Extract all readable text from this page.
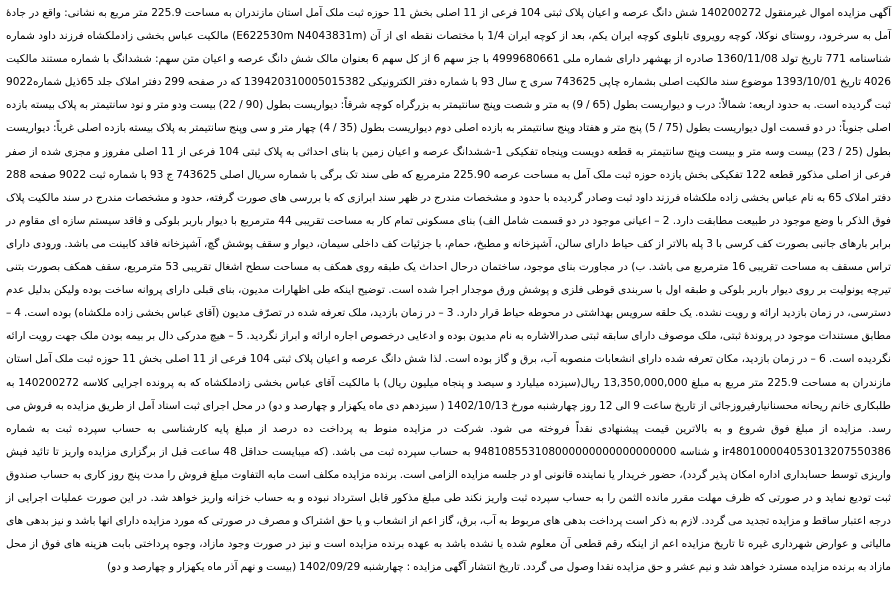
آگهی مزایده اموال غیرمنقول 140200272 شش دانگ عرصه و اعیان پلاک ثبتی 104 فرعی از 11 اصلی بخش 11 حوزه ثبت ملک آمل استان مازندران به مساحت 225.9 متر مربع به نشانی: واقع در جادهٔ آمل به سرخرود، روستای نوکلا، کوچه رویروی تابلوی کوچه ایران یکم، بعد از کوچه ایران 1/4 با مختصات نقطه ای از آن (E622530m N4043831m) مالکیت عباس بخشی زادملکشاه فرزند داود شماره شناسنامه 771 تاریخ تولد 1360/11/08 صادره از بهشهر دارای شماره ملی 4999680661 با جز سهم 6 از کل سهم 6 بعنوان مالک شش دانگ عرصه و اعیان متن سهم: ششدانگ با شماره مستند مالکیت 4026 تاریخ 1393/10/01 موضوع سند مالکیت اصلی بشماره چاپی 743625 سری ج سال 93 با شماره دفتر الکترونیکی 139420310005015382 که در صفحه 299 دفتر املاک جلد 65ذیل شماره9022 ثبت گردیده است. به حدود اربعه: شمالاً: درب و دیواریست بطول (65 / 9) به متر و شصت وپنج سانتیمتر به بزرگراه کوچه شرقاً: دیواریست بطول (90 / 22) بیست ودو متر و نود سانتیمتر به پلاک بیسته بازده اصلی جنوباً: در دو قسمت اول دیواریست بطول (75 / 5) پنج متر و هفتاد وپنج سانتیمتر به بازده اصلی دوم دیواریست بطول (35 / 4) چهار متر و سی وپنج سانتیمتر به پلاک بیسته بازده اصلی غرباً: دیواریست بطول (25 / 23) بیست وسه متر و بیست وپنج سانتیمتر به قطعه دویست وپنجاه تفکیکی 1-ششدانگ عرصه و اعیان زمین با بنای احداثی به پلاک ثبتی 104 فرعی از 11 اصلی مفروز و مجزی شده از صفر فرعی از اصلی مذکور قطعه 122 تفکیکی بخش یازده حوزه ثبت ملک آمل به مساحت عرصه 225.90 مترمربع که طی سند تک برگی با شماره سریال اصلی 743625 ج 93 با شماره ثبت 9022 صفحه 288 دفتر املاک 65 به نام عباس بخشی زاده ملکشاه فرزند داود ثبت وصادر گردیده با حدود و مشخصات مندرج در ظهر سند ابرازی که با بررسی های صورت گرفته، حدود و مشخصات مندرج در سند مالکیت پلاک فوق الذکر با وضع موجود در طبیعت مطابقت دارد. 2 – اعیانی موجود در دو قسمت شامل الف) بنای مسکونی تمام کار به مساحت تقریبی 44 مترمربع با دیوار باربر بلوکی و فاقد سیستم سازه ای مقاوم در برابر بارهای جانبی بصورت کف کرسی با 3 پله بالاتر از کف حیاط دارای سالن، آشپزخانه و مطبخ، حمام، با جزئیات کف داخلی سیمان، دیوار و سقف پوشش گچ، آشپزخانه فاقد کابینت می باشد. ورودی دارای تراس مسقف به مساحت تقریبی 16 مترمربع می باشد. ب) در مجاورت بنای موجود، ساختمان درحال احداث یک طبقه روی همکف به مساحت سطح اشغال تقریبی 53 مترمربع، سقف همکف بصورت بتنی تیرچه یونولیت بر روی دیوار باربر بلوکی و طبقه اول با سربندی قوطی فلزی و پوشش ورق موجدار اجرا شده است. توضیح اینکه طی اظهارات مدیون، بنای قبلی دارای پروانه ساخت بوده ولیکن بدلیل عدم دسترسی، در زمان بازدید ارائه و رویت نشده. یک حلقه سرویس بهداشتی در محوطه حیاط قرار دارد. 3 – در زمان بازدید، ملک تعرفه شده در تصرّف مدیون (آقای عباس بخشی زاده ملکشاه) بوده است. 4 – مطابق مستندات موجود در پروندهٔ ثبتی، ملک موصوف دارای سابقه ثبتی صدرالاشاره به نام مدیون بوده و ادعایی درخصوص اجاره ارائه و ابراز نگردید. 5 – هیچ مدرکی دال بر بیمه بودن ملک جهت رویت ارائه نگردیده است. 6 – در زمان بازدید، مکان تعرفه شده دارای انشعابات منصوبه آب، برق و گاز بوده است. لذا شش دانگ عرصه و اعیان پلاک ثبتی 104 فرعی از 11 اصلی بخش 11 حوزه ثبت ملک آمل استان مازندران به مساحت 225.9 متر مربع به مبلغ 13,350,000,000 ریال(سیزده میلیارد و سیصد و پنجاه میلیون ریال) با مالکیت آقای عباس بخشی زادملکشاه که به پرونده اجرایی کلاسه 140200272 به طلبکاری خانم ریحانه محسنانیارفیروزجائی از تاریخ ساعت 9 الی 12 روز چهارشنبه مورخ 1402/10/13 ( سیزدهم دی ماه یکهزار و چهارصد و دو) در محل اجرای ثبت اسناد آمل از طریق مزایده به فروش می رسد. مزایده از مبلغ فوق شروع و به بالاترین قیمت پیشنهادی نقداً فروخته می شود. شرکت در مزایده منوط به پرداخت ده درصد از مبلغ پایه کارشناسی به حساب سپرده ثبت به شماره ir480100004053013207550386 و شناسه 948108553108000000000000000000 به حساب سپرده ثبت می باشد. (که میبایست حداقل 48 ساعت قبل از برگزاری مزایده واریز تا تائید فیش واریزی توسط حسابداری اداره امکان پذیر گردد)، حضور خریدار یا نماینده قانونی او در جلسه مزایده الزامی است. برنده مزایده مکلف است مابه التفاوت مبلغ فروش را مدت پنج روز کاری به حساب صندوق ثبت تودیع نماید و در صورتی که ظرف مهلت مقرر مانده الثمن را به حساب سپرده ثبت واریز نکند طی مبلغ مذکور قابل استرداد نبوده و به حساب خزانه واریز خواهد شد. در این صورت عملیات اجرایی از درجه اعتبار ساقط و مزایده تجدید می گردد. لازم به ذکر است پرداخت بدهی های مربوط به آب، برق، گاز اعم از انشعاب و یا حق اشتراک و مصرف در صورتی که مورد مزایده دارای انها باشد و نیز بدهی های مالیاتی و عوارض شهرداری غیره تا تاریخ مزایده اعم از اینکه رقم قطعی آن معلوم شده یا نشده باشد به عهده برنده مزایده است و نیز در صورت وجود مازاد، وجوه پرداختی بابت هزینه های فوق از محل مازاد به برنده مزایده مسترد خواهد شد و نیم عشر و حق مزایده نقدا وصول می گردد. تاریخ انتشار آگهی مزایده : چهارشنبه 1402/09/29 (بیست و نهم آذر ماه یکهزار و چهارصد و دو)
